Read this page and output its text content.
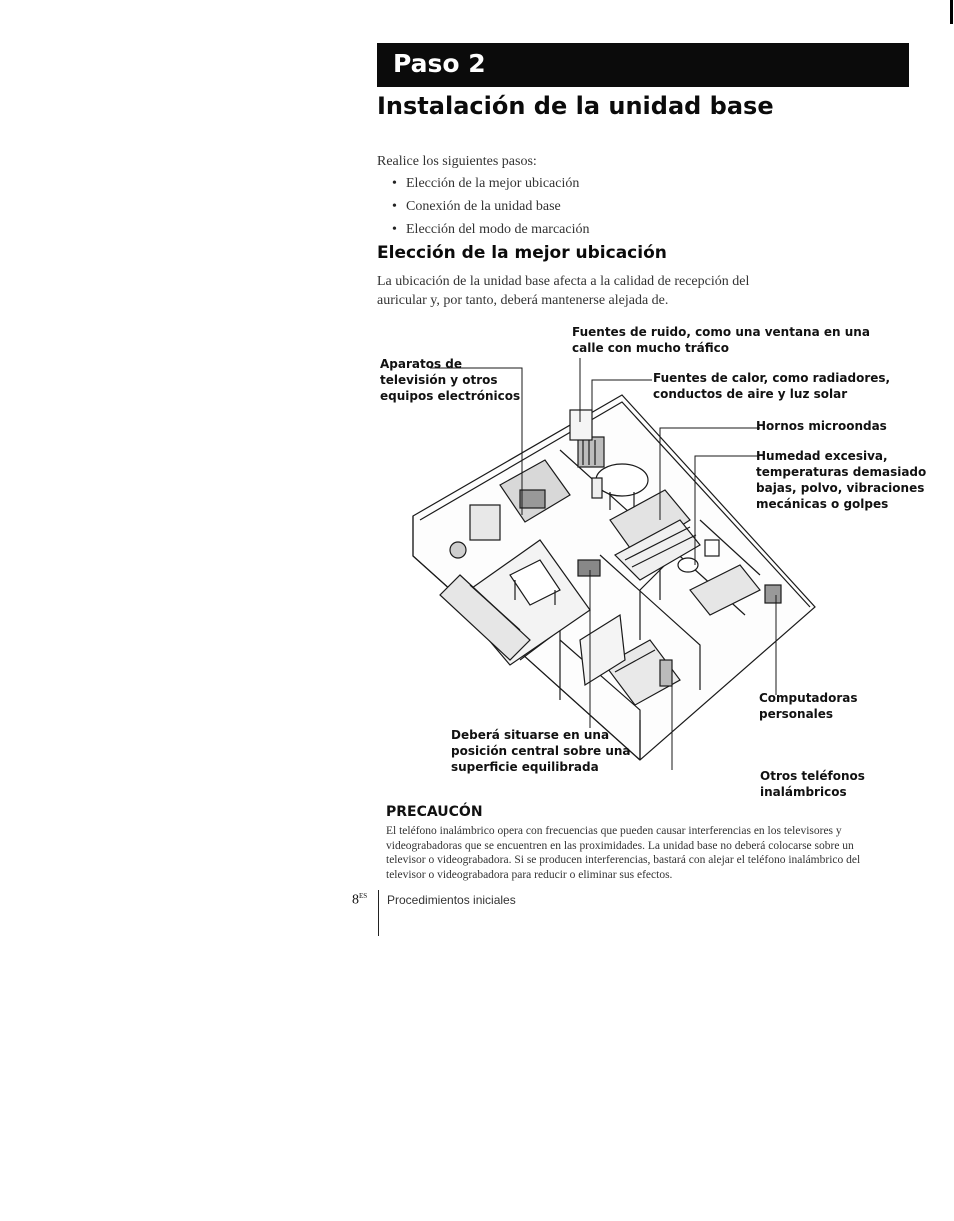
Paso 2
Instalación de la unidad base
Realice los siguientes pasos:
• Elección de la mejor ubicación
• Conexión de la unidad base
• Elección del modo de marcación
Elección de la mejor ubicación
La ubicación de la unidad base afecta a la calidad de recepción del
auricular y, por tanto, deberá mantenerse alejada de.
Fuentes de ruido, como una ventana en una
calle con mucho tráfico
Aparatos de
televisión y otros
equipos electrónicos
Fuentes de calor, como radiadores,
conductos de aire y luz solar
Hornos microondas
Humedad excesiva,
temperaturas demasiado
bajas, polvo, vibraciones
mecánicas o golpes
Computadoras
personales
Deberá situarse en una
posición central sobre una
superficie equilibrada
Otros teléfonos
inalámbricos
PRECAUCÓN
El teléfono inalámbrico opera con frecuencias que pueden causar interferencias en los televisores y
videograbadoras que se encuentren en las proximidades. La unidad base no deberá colocarse sobre un
televisor o videograbadora. Si se producen interferencias, bastará con alejar el teléfono inalámbrico del
televisor o videograbadora para reducir o eliminar sus efectos.
$8^{ES}$ Procedimientos iniciales
